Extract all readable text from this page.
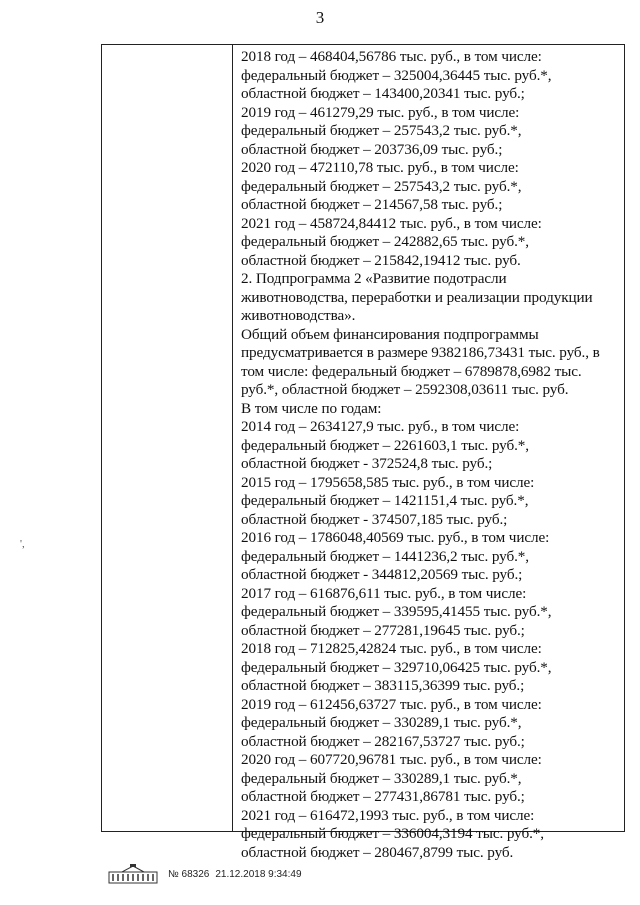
3
2018 год – 468404,56786 тыс. руб., в том числе:
федеральный бюджет – 325004,36445 тыс. руб.*,
областной бюджет – 143400,20341 тыс. руб.;
2019 год – 461279,29 тыс. руб., в том числе:
федеральный бюджет – 257543,2 тыс. руб.*,
областной бюджет – 203736,09 тыс. руб.;
2020 год – 472110,78 тыс. руб., в том числе:
федеральный бюджет – 257543,2 тыс. руб.*,
областной бюджет – 214567,58 тыс. руб.;
2021 год – 458724,84412 тыс. руб., в том числе:
федеральный бюджет – 242882,65 тыс. руб.*,
областной бюджет – 215842,19412 тыс. руб.
2. Подпрограмма 2 «Развитие подотрасли
животноводства, переработки и реализации продукции
животноводства».
Общий объем финансирования подпрограммы
предусматривается в размере 9382186,73431 тыс. руб., в
том числе: федеральный бюджет – 6789878,6982 тыс.
руб.*, областной бюджет – 2592308,03611 тыс. руб.
В том числе по годам:
2014 год – 2634127,9 тыс. руб., в том числе:
федеральный бюджет – 2261603,1 тыс. руб.*,
областной бюджет - 372524,8 тыс. руб.;
2015 год – 1795658,585 тыс. руб., в том числе:
федеральный бюджет – 1421151,4 тыс. руб.*,
областной бюджет - 374507,185 тыс. руб.;
2016 год – 1786048,40569 тыс. руб., в том числе:
федеральный бюджет – 1441236,2 тыс. руб.*,
областной бюджет - 344812,20569 тыс. руб.;
2017 год – 616876,611 тыс. руб., в том числе:
федеральный бюджет – 339595,41455 тыс. руб.*,
областной бюджет – 277281,19645 тыс. руб.;
2018 год – 712825,42824 тыс. руб., в том числе:
федеральный бюджет – 329710,06425 тыс. руб.*,
областной бюджет – 383115,36399 тыс. руб.;
2019 год – 612456,63727 тыс. руб., в том числе:
федеральный бюджет – 330289,1 тыс. руб.*,
областной бюджет – 282167,53727 тыс. руб.;
2020 год – 607720,96781 тыс. руб., в том числе:
федеральный бюджет – 330289,1 тыс. руб.*,
областной бюджет – 277431,86781 тыс. руб.;
2021 год – 616472,1993 тыс. руб., в том числе:
федеральный бюджет – 336004,3194 тыс. руб.*,
областной бюджет – 280467,8799 тыс. руб.
',
№ 68326 21.12.2018 9:34:49
